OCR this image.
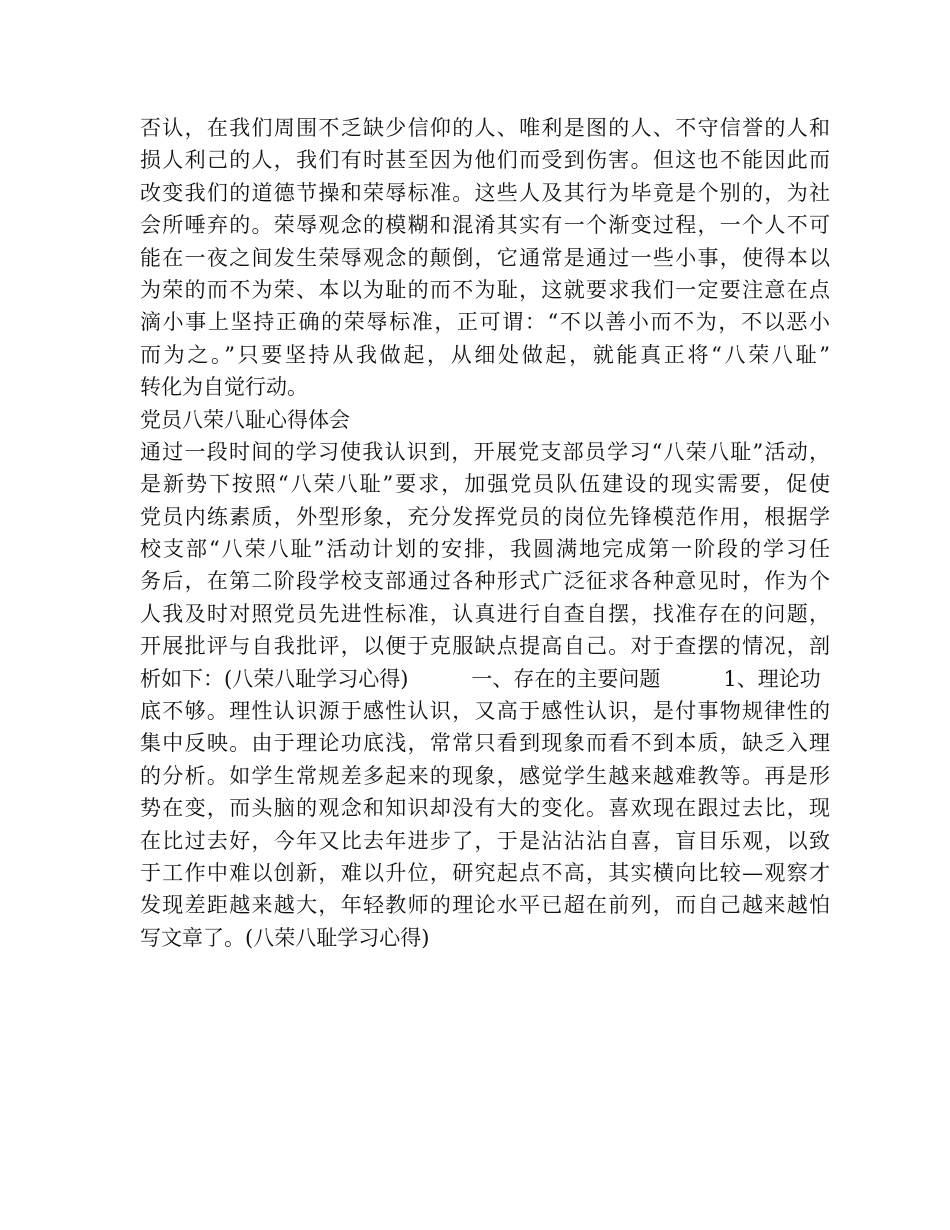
否认，在我们周围不乏缺少信仰的人、唯利是图的人、不守信誉的人和
损人利己的人，我们有时甚至因为他们而受到伤害。但这也不能因此而
改变我们的道德节操和荣辱标准。这些人及其行为毕竟是个别的，为社
会所唾弃的。荣辱观念的模糊和混淆其实有一个渐变过程，一个人不可
能在一夜之间发生荣辱观念的颠倒，它通常是通过一些小事，使得本以
为荣的而不为荣、本以为耻的而不为耻，这就要求我们一定要注意在点
滴小事上坚持正确的荣辱标准，正可谓：“不以善小而不为，不以恶小
而为之。”只要坚持从我做起，从细处做起，就能真正将“八荣八耻”
转化为自觉行动。
党员八荣八耻心得体会
通过一段时间的学习使我认识到，开展党支部员学习“八荣八耻”活动，
是新势下按照“八荣八耻”要求，加强党员队伍建设的现实需要，促使
党员内练素质，外型形象，充分发挥党员的岗位先锋模范作用，根据学
校支部“八荣八耻”活动计划的安排，我圆满地完成第一阶段的学习任
务后，在第二阶段学校支部通过各种形式广泛征求各种意见时，作为个
人我及时对照党员先进性标准，认真进行自查自摆，找准存在的问题，
开展批评与自我批评，以便于克服缺点提高自己。对于查摆的情况，剖
析如下：(八荣八耻学习心得)　　　一、存在的主要问题　　　1、理论功
底不够。理性认识源于感性认识，又高于感性认识，是付事物规律性的
集中反映。由于理论功底浅，常常只看到现象而看不到本质，缺乏入理
的分析。如学生常规差多起来的现象，感觉学生越来越难教等。再是形
势在变，而头脑的观念和知识却没有大的变化。喜欢现在跟过去比，现
在比过去好，今年又比去年进步了，于是沾沾沾自喜，盲目乐观，以致
于工作中难以创新，难以升位，研究起点不高，其实横向比较—观察才
发现差距越来越大，年轻教师的理论水平已超在前列，而自己越来越怕
写文章了。(八荣八耻学习心得)
